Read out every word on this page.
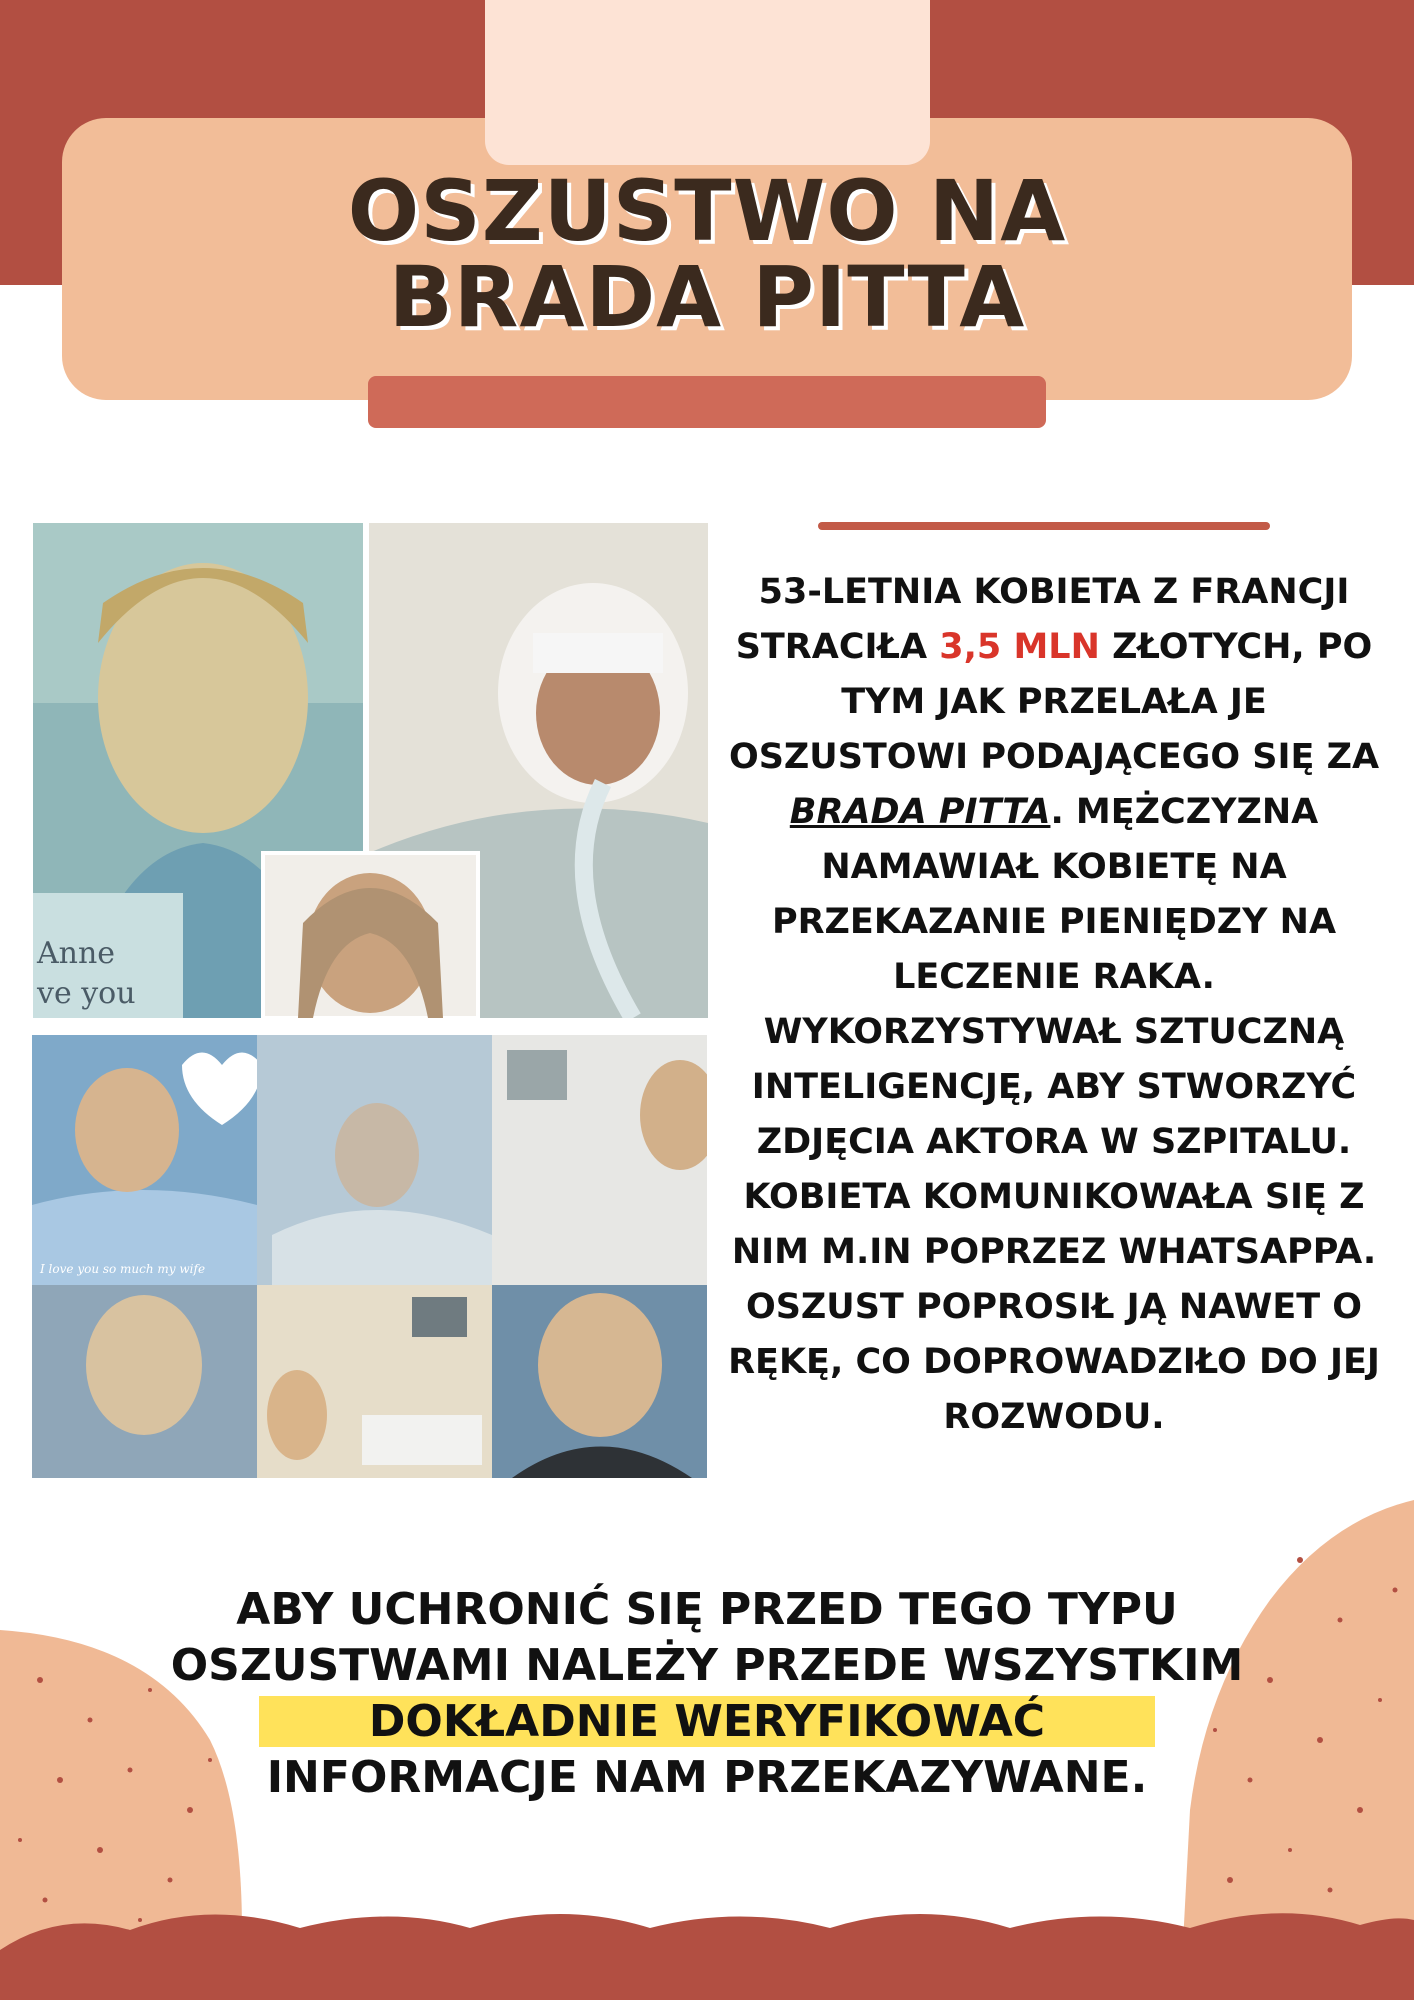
OSZUSTWO NA
BRADA PITTA
Anne
ve you
I love you so much my wife

53-LETNIA KOBIETA Z FRANCJI STRACIŁA 3,5 MLN ZŁOTYCH, PO TYM JAK PRZELAŁA JE OSZUSTOWI PODAJĄCEGO SIĘ ZA BRADA PITTA. MĘŻCZYZNA NAMAWIAŁ KOBIETĘ NA PRZEKAZANIE PIENIĘDZY NA LECZENIE RAKA. WYKORZYSTYWAŁ SZTUCZNĄ INTELIGENCJĘ, ABY STWORZYĆ ZDJĘCIA AKTORA W SZPITALU. KOBIETA KOMUNIKOWAŁA SIĘ Z NIM M.IN POPRZEZ WHATSAPPA. OSZUST POPROSIŁ JĄ NAWET O RĘKĘ, CO DOPROWADZIŁO DO JEJ ROZWODU.

ABY UCHRONIĆ SIĘ PRZED TEGO TYPU
OSZUSTWAMI NALEŻY PRZEDE WSZYSTKIM
DOKŁADNIE WERYFIKOWAĆ
INFORMACJE NAM PRZEKAZYWANE.
